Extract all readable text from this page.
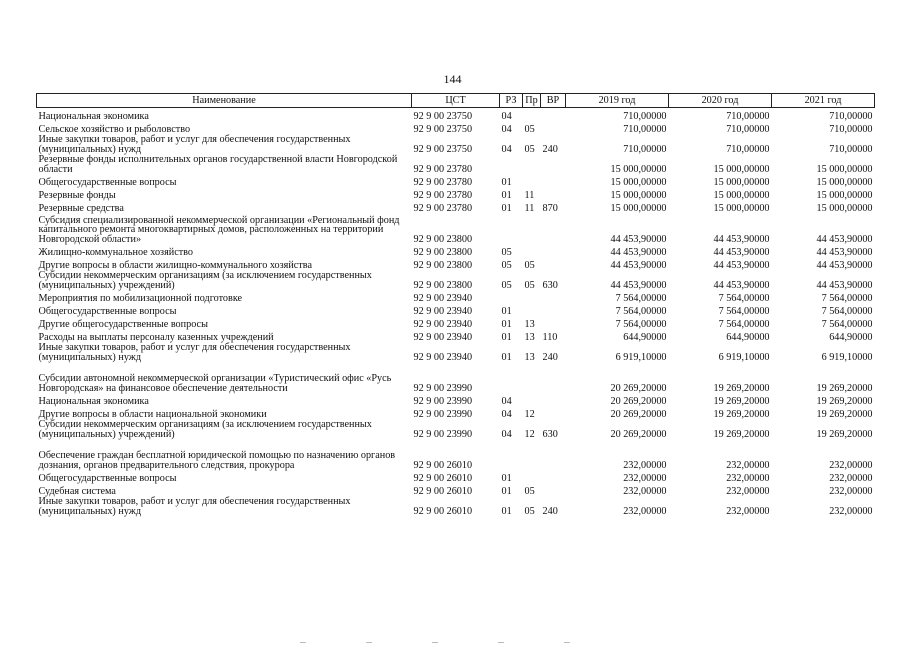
144
Наименование	ЦСТ	РЗ	Пр	ВР	2019 год	2020 год	2021 год
Национальная экономика	92 9 00 23750	04			710,00000	710,00000	710,00000
Сельское хозяйство и рыболовство	92 9 00 23750	04	05		710,00000	710,00000	710,00000
Иные закупки товаров, работ и услуг для обеспечения государственных (муниципальных) нужд	92 9 00 23750	04	05	240	710,00000	710,00000	710,00000
Резервные фонды исполнительных органов государственной власти Новгородской области	92 9 00 23780				15 000,00000	15 000,00000	15 000,00000
Общегосударственные вопросы	92 9 00 23780	01			15 000,00000	15 000,00000	15 000,00000
Резервные фонды	92 9 00 23780	01	11		15 000,00000	15 000,00000	15 000,00000
Резервные средства	92 9 00 23780	01	11	870	15 000,00000	15 000,00000	15 000,00000
Субсидия специализированной некоммерческой организации «Региональный фонд капитального ремонта многоквартирных домов, расположенных на территории Новгородской области»	92 9 00 23800				44 453,90000	44 453,90000	44 453,90000
Жилищно-коммунальное хозяйство	92 9 00 23800	05			44 453,90000	44 453,90000	44 453,90000
Другие вопросы в области жилищно-коммунального хозяйства	92 9 00 23800	05	05		44 453,90000	44 453,90000	44 453,90000
Субсидии некоммерческим организациям (за исключением государственных (муниципальных) учреждений)	92 9 00 23800	05	05	630	44 453,90000	44 453,90000	44 453,90000
Мероприятия по мобилизационной подготовке	92 9 00 23940				7 564,00000	7 564,00000	7 564,00000
Общегосударственные вопросы	92 9 00 23940	01			7 564,00000	7 564,00000	7 564,00000
Другие общегосударственные вопросы	92 9 00 23940	01	13		7 564,00000	7 564,00000	7 564,00000
Расходы на выплаты персоналу казенных учреждений	92 9 00 23940	01	13	110	644,90000	644,90000	644,90000
Иные закупки товаров, работ и услуг для обеспечения государственных (муниципальных) нужд	92 9 00 23940	01	13	240	6 919,10000	6 919,10000	6 919,10000
Субсидии автономной некоммерческой организации «Туристический офис «Русь Новгородская» на финансовое обеспечение деятельности	92 9 00 23990				20 269,20000	19 269,20000	19 269,20000
Национальная экономика	92 9 00 23990	04			20 269,20000	19 269,20000	19 269,20000
Другие вопросы в области национальной экономики	92 9 00 23990	04	12		20 269,20000	19 269,20000	19 269,20000
Субсидии некоммерческим организациям (за исключением государственных (муниципальных) учреждений)	92 9 00 23990	04	12	630	20 269,20000	19 269,20000	19 269,20000
Обеспечение граждан бесплатной юридической помощью по назначению органов дознания, органов предварительного следствия, прокурора	92 9 00 26010				232,00000	232,00000	232,00000
Общегосударственные вопросы	92 9 00 26010	01			232,00000	232,00000	232,00000
Судебная система	92 9 00 26010	01	05		232,00000	232,00000	232,00000
Иные закупки товаров, работ и услуг для обеспечения государственных (муниципальных) нужд	92 9 00 26010	01	05	240	232,00000	232,00000	232,00000
